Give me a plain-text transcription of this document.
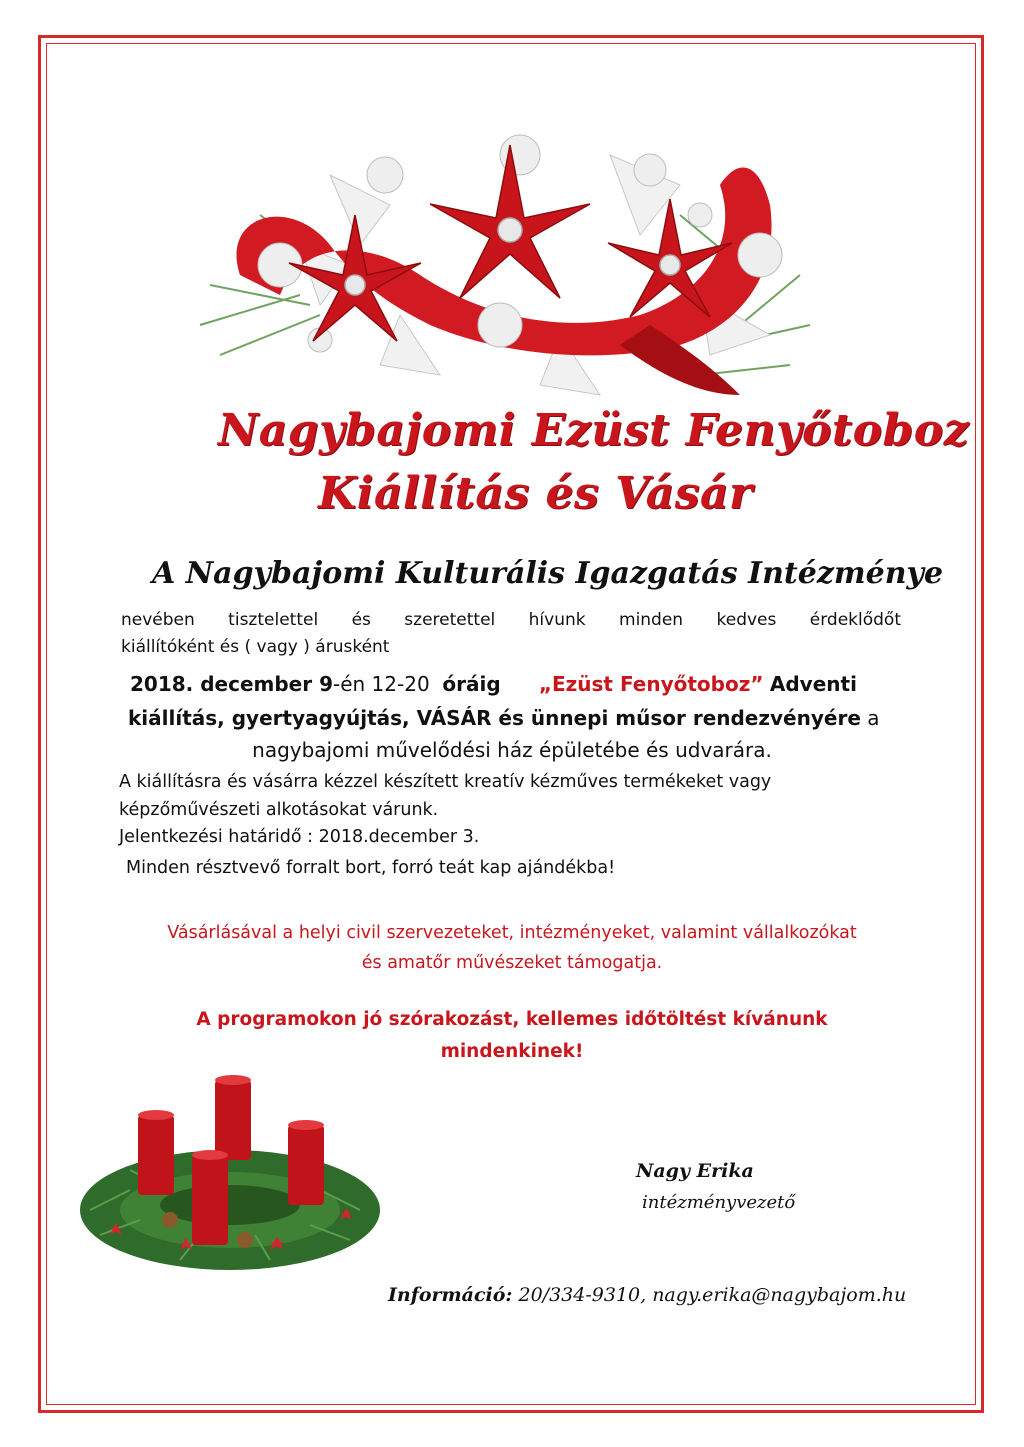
Nagybajomi Ezüst Fenyőtoboz
Kiállítás és Vásár
A Nagybajomi Kulturális Igazgatás Intézménye
nevében tisztelettel és szeretettel hívunk minden kedves érdeklődőt
kiállítóként és ( vagy ) árusként
2018. december 9-én 12-20 óráig „Ezüst Fenyőtoboz” Adventi
kiállítás, gyertyagyújtás, VÁSÁR és ünnepi műsor rendezvényére a
nagybajomi művelődési ház épületébe és udvarára.
A kiállításra és vásárra kézzel készített kreatív kézműves termékeket vagy
képzőművészeti alkotásokat várunk.
Jelentkezési határidő : 2018.december 3.
Minden résztvevő forralt bort, forró teát kap ajándékba!
Vásárlásával a helyi civil szervezeteket, intézményeket, valamint vállalkozókat
és amatőr művészeket támogatja.
A programokon jó szórakozást, kellemes időtöltést kívánunk
mindenkinek!
Nagy Erika
intézményvezető
Információ: 20/334-9310, nagy.erika@nagybajom.hu
